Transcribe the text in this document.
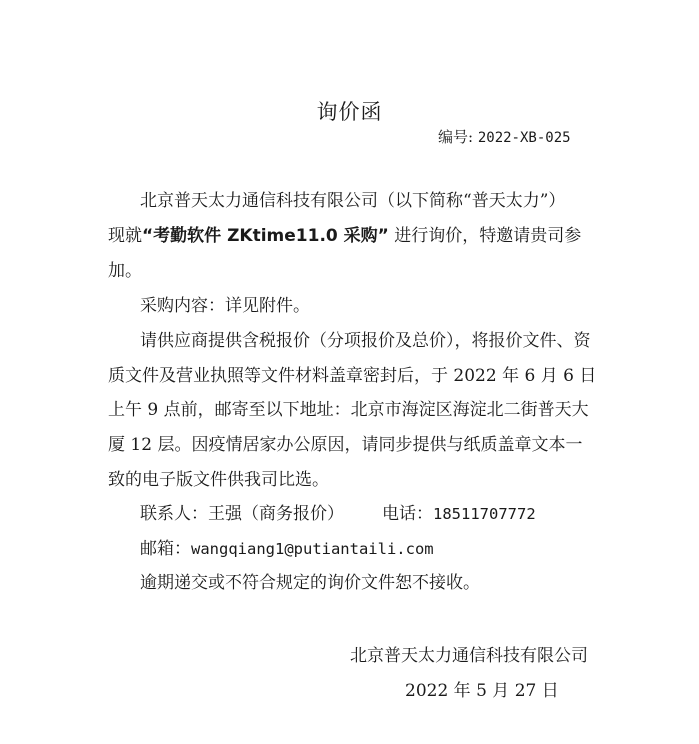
询价函
编号: 2022-XB-025
北京普天太力通信科技有限公司（以下简称“普天太力”）
现就“考勤软件 ZKtime11.0 采购” 进行询价，特邀请贵司参
加。
采购内容：详见附件。
请供应商提供含税报价（分项报价及总价），将报价文件、资
质文件及营业执照等文件材料盖章密封后，于 2022 年 6 月 6 日
上午 9 点前，邮寄至以下地址：北京市海淀区海淀北二街普天大
厦 12 层。因疫情居家办公原因，请同步提供与纸质盖章文本一
致的电子版文件供我司比选。
联系人：王强（商务报价） 电话：18511707772
邮箱：wangqiang1@putiantaili.com
逾期递交或不符合规定的询价文件恕不接收。
北京普天太力通信科技有限公司
2022 年 5 月 27 日
